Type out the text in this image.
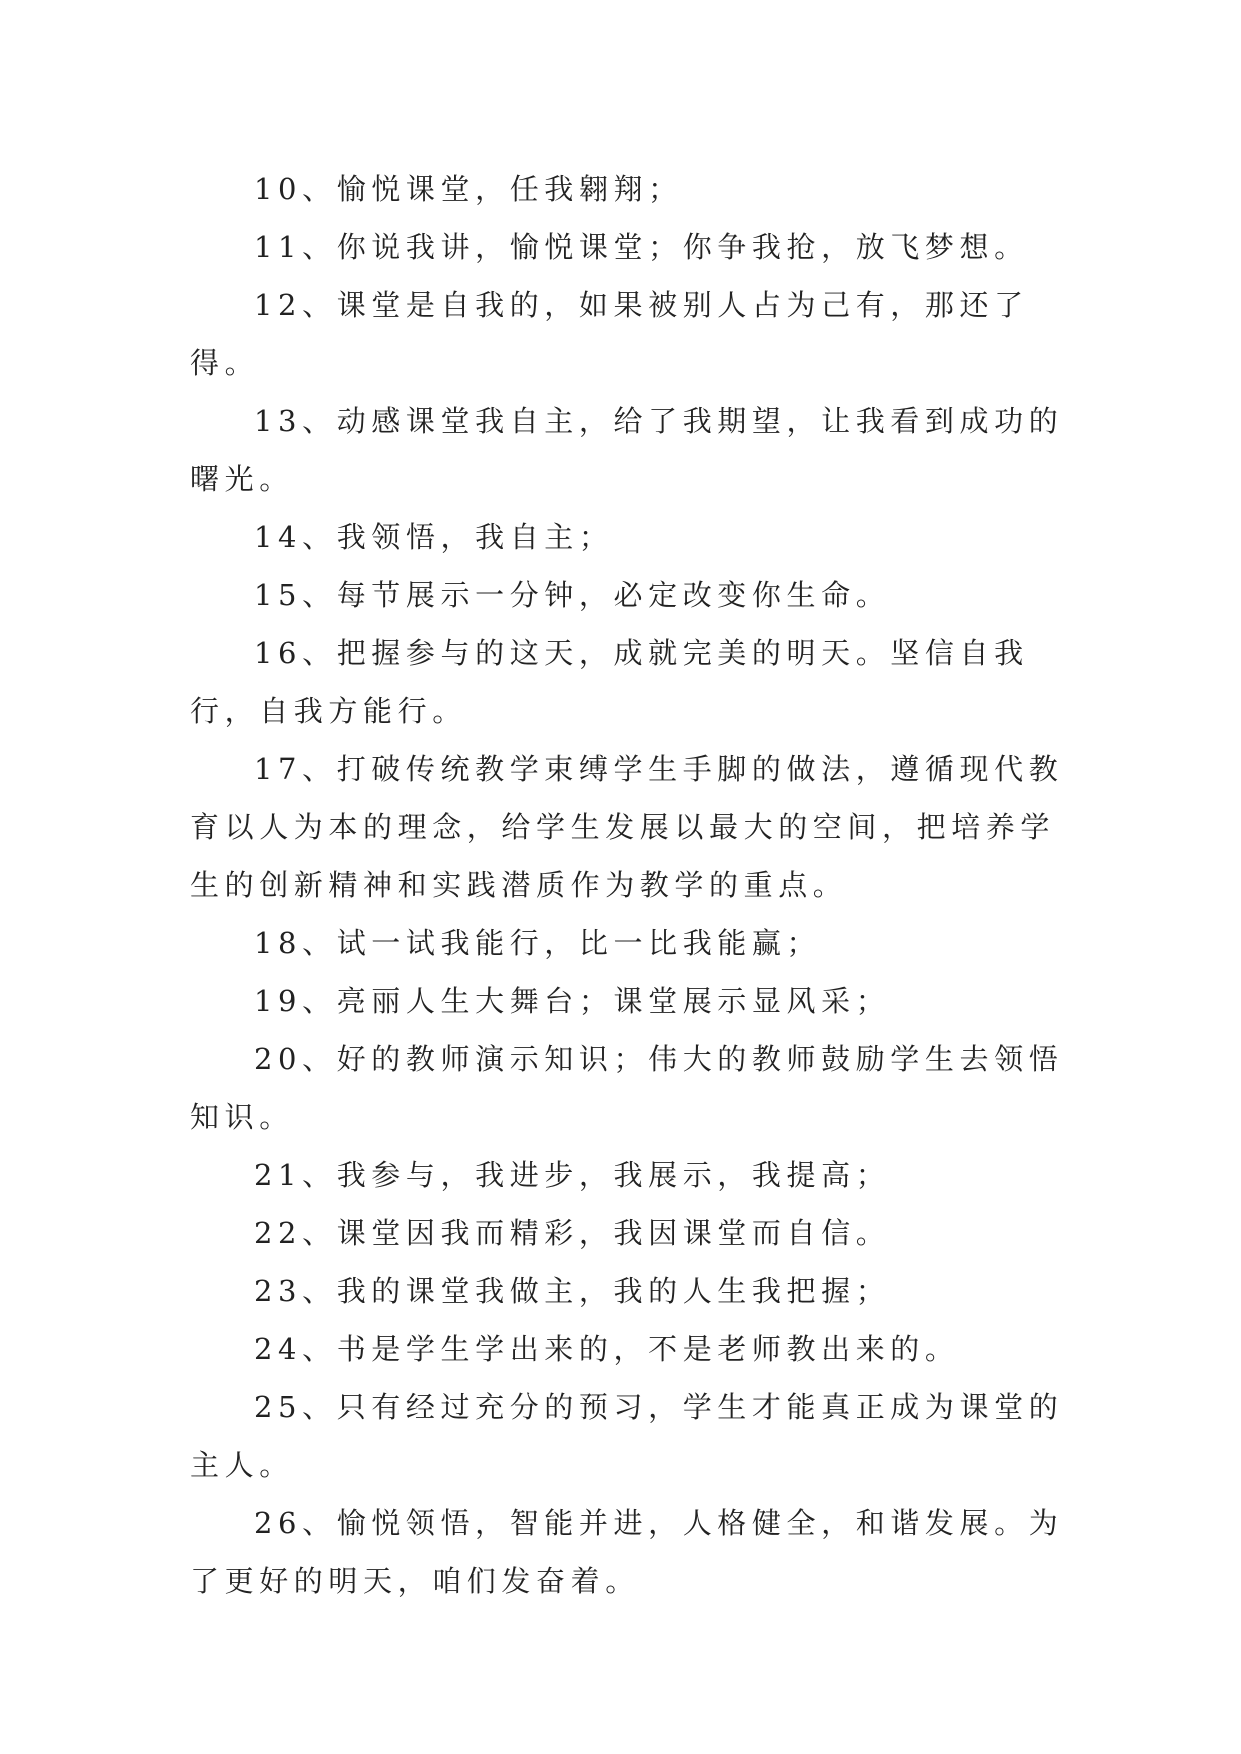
10、愉悦课堂，任我翱翔；

11、你说我讲，愉悦课堂；你争我抢，放飞梦想。

12、课堂是自我的，如果被别人占为己有，那还了得。

13、动感课堂我自主，给了我期望，让我看到成功的曙光。

14、我领悟，我自主；

15、每节展示一分钟，必定改变你生命。

16、把握参与的这天，成就完美的明天。坚信自我行，自我方能行。

17、打破传统教学束缚学生手脚的做法，遵循现代教育以人为本的理念，给学生发展以最大的空间，把培养学生的创新精神和实践潜质作为教学的重点。

18、试一试我能行，比一比我能赢；

19、亮丽人生大舞台；课堂展示显风采；

20、好的教师演示知识；伟大的教师鼓励学生去领悟知识。

21、我参与，我进步，我展示，我提高；

22、课堂因我而精彩，我因课堂而自信。

23、我的课堂我做主，我的人生我把握；

24、书是学生学出来的，不是老师教出来的。

25、只有经过充分的预习，学生才能真正成为课堂的主人。

26、愉悦领悟，智能并进，人格健全，和谐发展。为了更好的明天，咱们发奋着。
